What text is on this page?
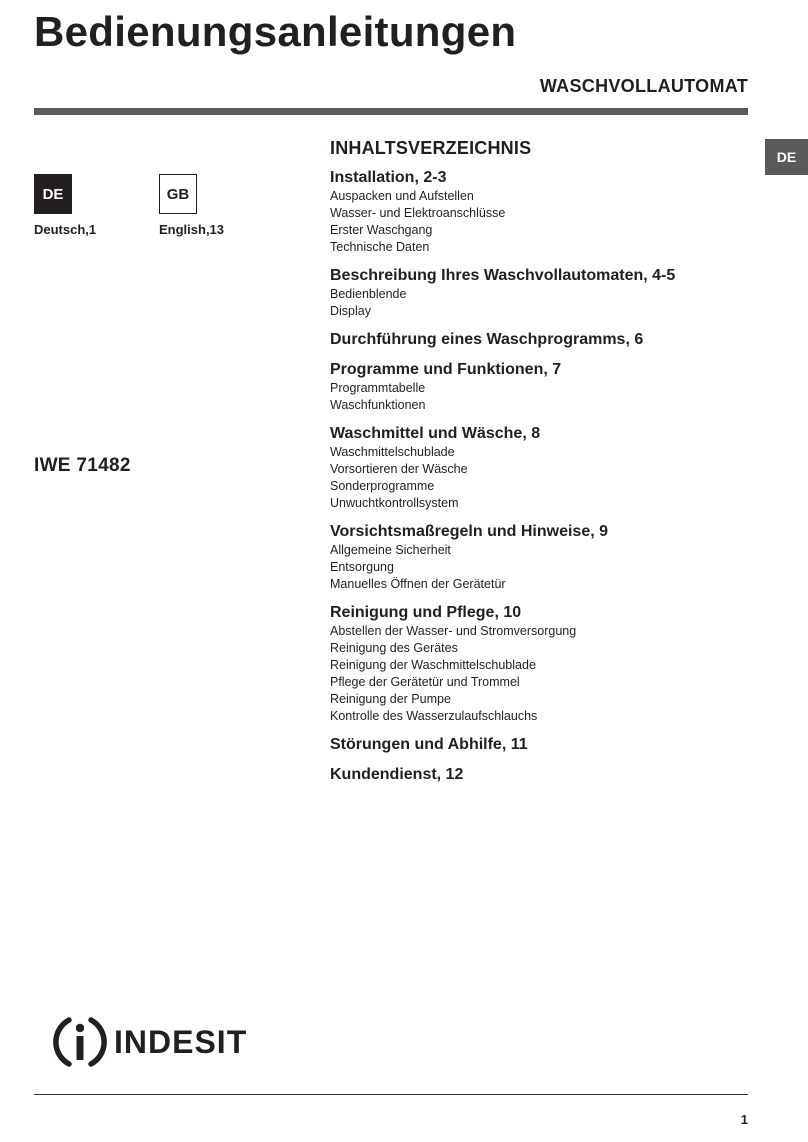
Bedienungsanleitungen
WASCHVOLLAUTOMAT
DE
DE
Deutsch,1
GB
English,13
IWE 71482
INHALTSVERZEICHNIS
Installation, 2-3
Auspacken und Aufstellen
Wasser- und Elektroanschlüsse
Erster Waschgang
Technische Daten
Beschreibung Ihres Waschvollautomaten, 4-5
Bedienblende
Display
Durchführung eines Waschprogramms, 6
Programme und Funktionen, 7
Programmtabelle
Waschfunktionen
Waschmittel und Wäsche, 8
Waschmittelschublade
Vorsortieren der Wäsche
Sonderprogramme
Unwuchtkontrollsystem
Vorsichtsmaßregeln und Hinweise, 9
Allgemeine Sicherheit
Entsorgung
Manuelles Öffnen der Gerätetür
Reinigung und Pflege, 10
Abstellen der Wasser- und Stromversorgung
Reinigung des Gerätes
Reinigung der Waschmittelschublade
Pflege der Gerätetür und Trommel
Reinigung der Pumpe
Kontrolle des Wasserzulaufschlauchs
Störungen und Abhilfe, 11
Kundendienst, 12
INDESIT
1
